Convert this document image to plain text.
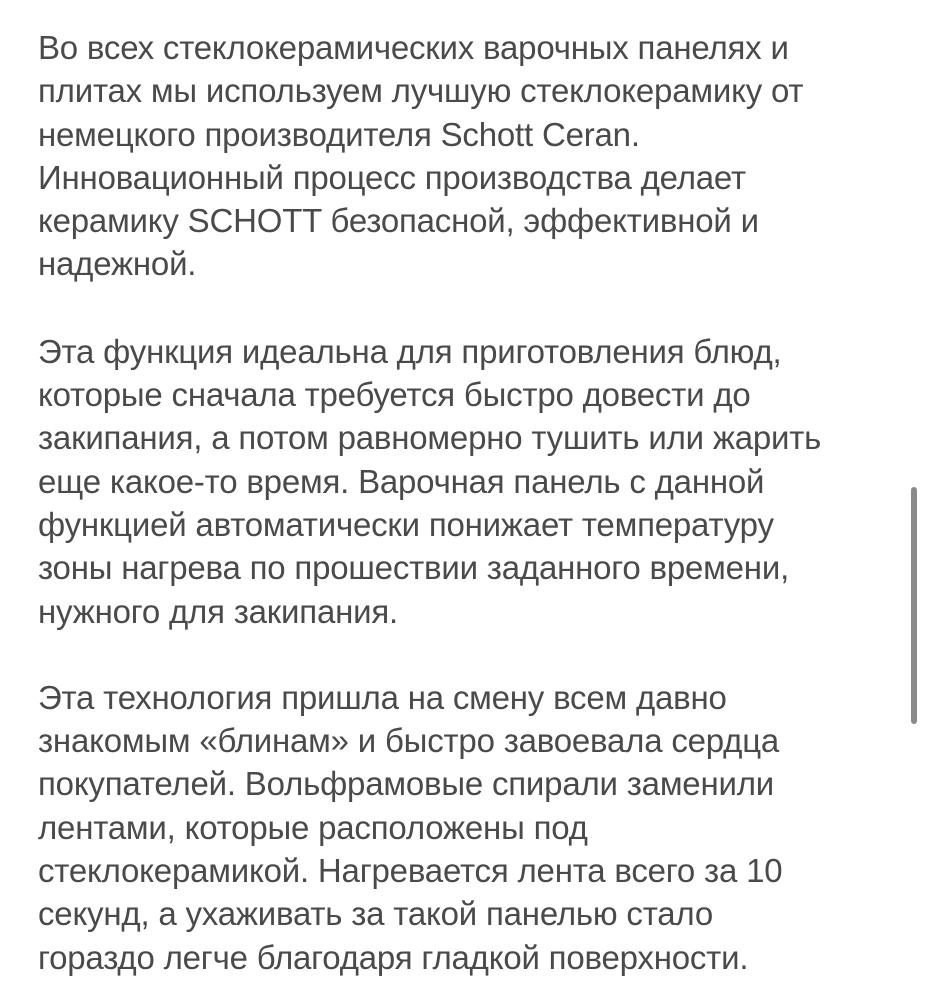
Во всех стеклокерамических варочных панелях и
плитах мы используем лучшую стеклокерамику от
немецкого производителя Schott Ceran.
Инновационный процесс производства делает
керамику SCHOTT безопасной, эффективной и
надежной.

Эта функция идеальна для приготовления блюд,
которые сначала требуется быстро довести до
закипания, а потом равномерно тушить или жарить
еще какое-то время. Варочная панель с данной
функцией автоматически понижает температуру
зоны нагрева по прошествии заданного времени,
нужного для закипания.

Эта технология пришла на смену всем давно
знакомым «блинам» и быстро завоевала сердца
покупателей. Вольфрамовые спирали заменили
лентами, которые расположены под
стеклокерамикой. Нагревается лента всего за 10
секунд, а ухаживать за такой панелью стало
гораздо легче благодаря гладкой поверхности.
